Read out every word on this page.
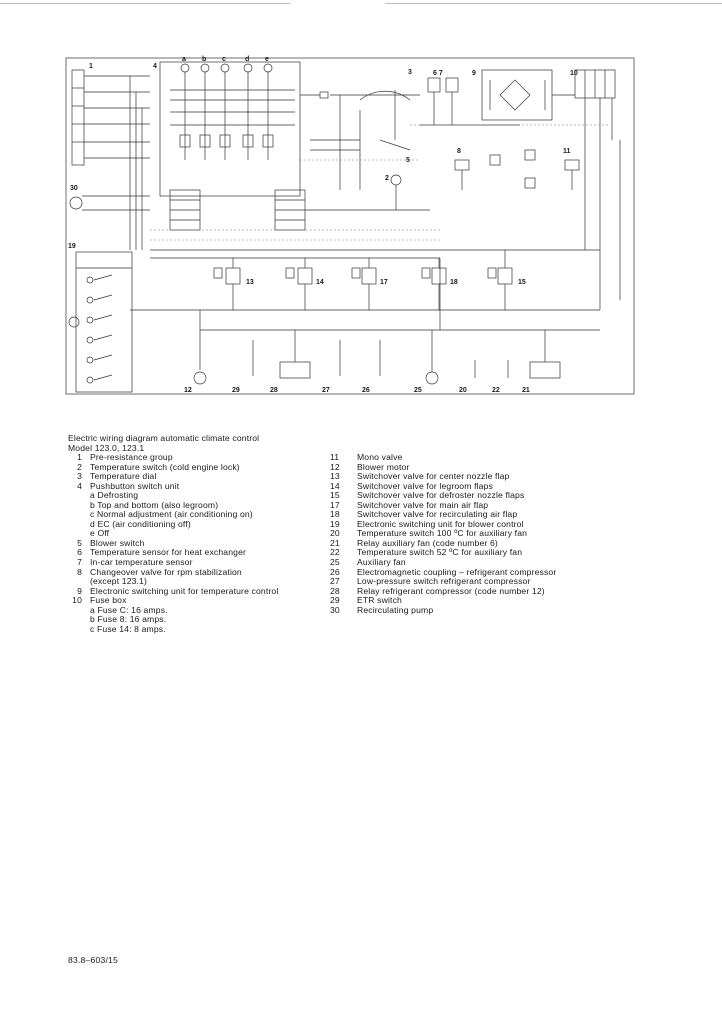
1	4
a b c	d e
3	6 7	9	10
5
8	11
2
30
19
13	14	17	18	15
12	29	28	27	26	25	20	22	21
Electric wiring diagram automatic climate control
Model 123.0, 123.1
1 Pre-resistance group
2 Temperature switch (cold engine lock)
3 Temperature dial
4 Pushbutton switch unit
a Defrosting
b Top and bottom (also legroom)
c Normal adjustment (air conditioning on)
d EC (air conditioning off)
e Off
5 Blower switch
6 Temperature sensor for heat exchanger
7 In-car temperature sensor
8 Changeover valve for rpm stabilization
(except 123.1)
9 Electronic switching unit for temperature control
10 Fuse box
a Fuse C: 16 amps.
b Fuse 8: 16 amps.
c Fuse 14: 8 amps.
11 Mono valve
12 Blower motor
13 Switchover valve for center nozzle flap
14 Switchover valve for legroom flaps
15 Switchover valve for defroster nozzle flaps
17 Switchover valve for main air flap
18 Switchover valve for recirculating air flap
19 Electronic switching unit for blower control
20 Temperature switch 100 ºC for auxiliary fan
21 Relay auxiliary fan (code number 6)
22 Temperature switch 52 ºC for auxiliary fan
25 Auxiliary fan
26 Electromagnetic coupling – refrigerant compressor
27 Low-pressure switch refrigerant compressor
28 Relay refrigerant compressor (code number 12)
29 ETR switch
30 Recirculating pump
83.8–603/15
